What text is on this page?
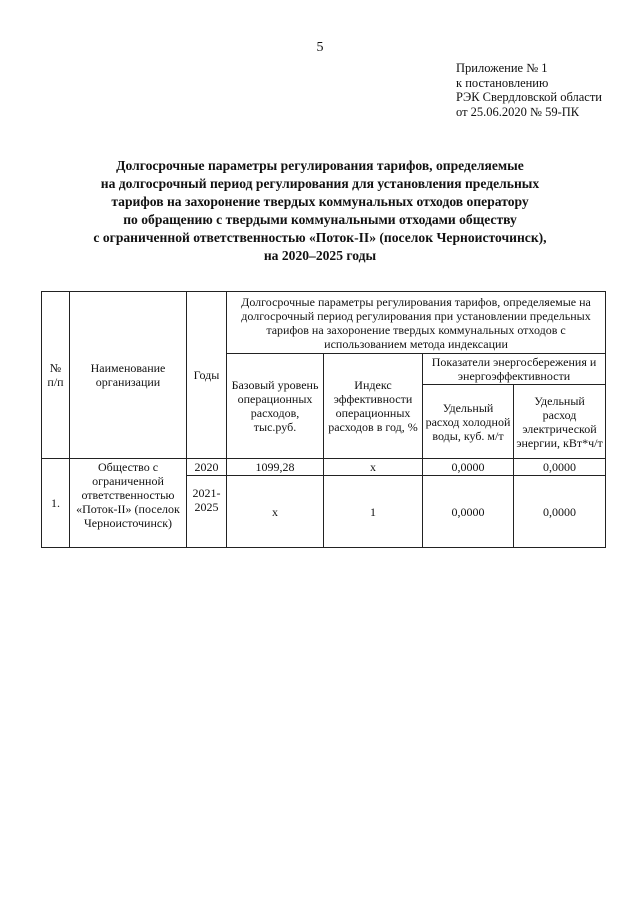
5
Приложение № 1
к постановлению
РЭК Свердловской области
от 25.06.2020 № 59-ПК
Долгосрочные параметры регулирования тарифов, определяемые
на долгосрочный период регулирования для установления предельных
тарифов на захоронение твердых коммунальных отходов оператору
по обращению с твердыми коммунальными отходами обществу
с ограниченной ответственностью «Поток-II» (поселок Черноисточинск),
на 2020–2025 годы
№ п/п	Наименование организации	Годы	Долгосрочные параметры регулирования тарифов, определяемые на долгосрочный период регулирования при установлении предельных тарифов на захоронение твердых коммунальных отходов с использованием метода индексации			
			Базовый уровень операционных расходов, тыс.руб.	Индекс эффективности операционных расходов в год, %	Показатели энергосбережения и энергоэффективности	
					Удельный расход холодной воды, куб. м/т	Удельный расход электрической энергии, кВт*ч/т
1.	Общество с ограниченной ответственностью «Поток-II» (поселок Черноисточинск)	2020	1099,28	х	0,0000	0,0000
		2021-2025	х	1	0,0000	0,0000
